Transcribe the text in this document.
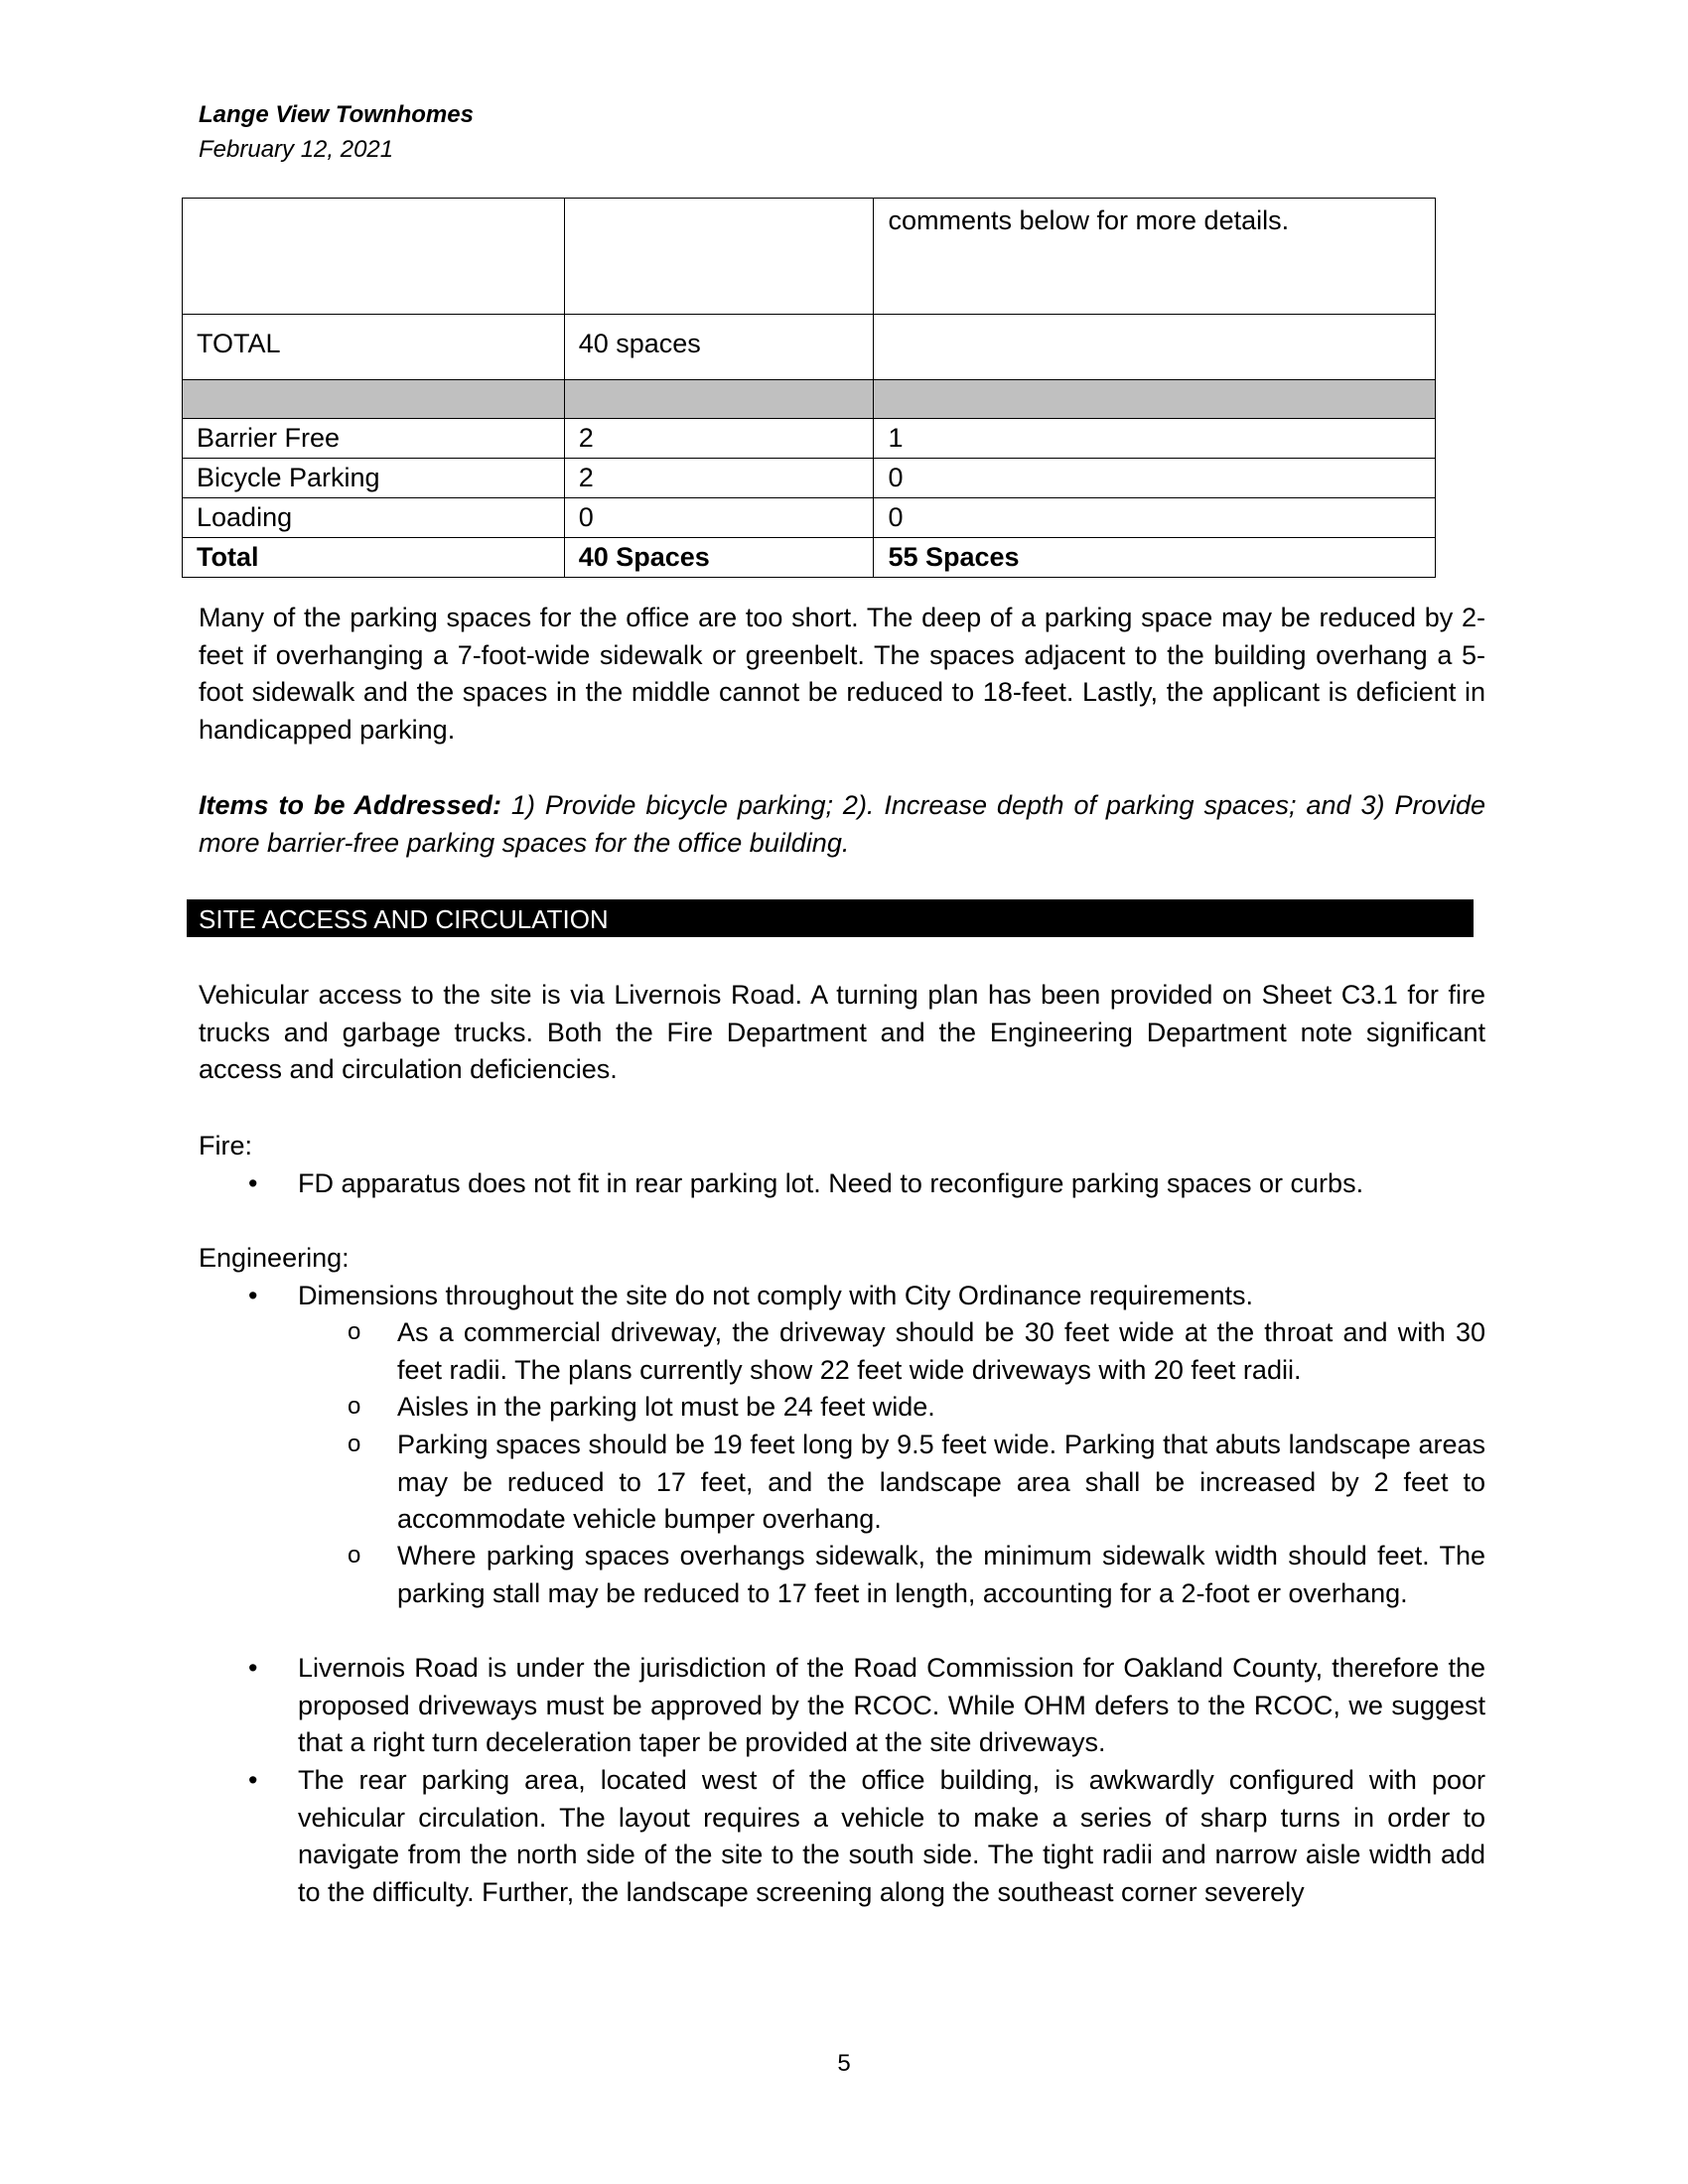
Lange View Townhomes
February 12, 2021
		comments below for more details.
TOTAL	40 spaces	

Barrier Free	2	1
Bicycle Parking	2	0
Loading	0	0
Total	40 Spaces	55 Spaces

Many of the parking spaces for the office are too short. The deep of a parking space may be reduced by 2-feet if overhanging a 7-foot-wide sidewalk or greenbelt. The spaces adjacent to the building overhang a 5-foot sidewalk and the spaces in the middle cannot be reduced to 18-feet. Lastly, the applicant is deficient in handicapped parking.

Items to be Addressed: 1) Provide bicycle parking; 2). Increase depth of parking spaces; and 3) Provide more barrier-free parking spaces for the office building.

SITE ACCESS AND CIRCULATION

Vehicular access to the site is via Livernois Road. A turning plan has been provided on Sheet C3.1 for fire trucks and garbage trucks. Both the Fire Department and the Engineering Department note significant access and circulation deficiencies.

Fire:
•	FD apparatus does not fit in rear parking lot. Need to reconfigure parking spaces or curbs.
Engineering:
•	Dimensions throughout the site do not comply with City Ordinance requirements.
o As a commercial driveway, the driveway should be 30 feet wide at the throat and with 30 feet radii. The plans currently show 22 feet wide driveways with 20 feet radii.
o Aisles in the parking lot must be 24 feet wide.
o Parking spaces should be 19 feet long by 9.5 feet wide. Parking that abuts landscape areas may be reduced to 17 feet, and the landscape area shall be increased by 2 feet to accommodate vehicle bumper overhang.
o Where parking spaces overhangs sidewalk, the minimum sidewalk width should feet. The parking stall may be reduced to 17 feet in length, accounting for a 2-foot er overhang.
•	Livernois Road is under the jurisdiction of the Road Commission for Oakland County, therefore the proposed driveways must be approved by the RCOC. While OHM defers to the RCOC, we suggest that a right turn deceleration taper be provided at the site driveways.
•	The rear parking area, located west of the office building, is awkwardly configured with poor vehicular circulation. The layout requires a vehicle to make a series of sharp turns in order to navigate from the north side of the site to the south side. The tight radii and narrow aisle width add to the difficulty. Further, the landscape screening along the southeast corner severely
5
